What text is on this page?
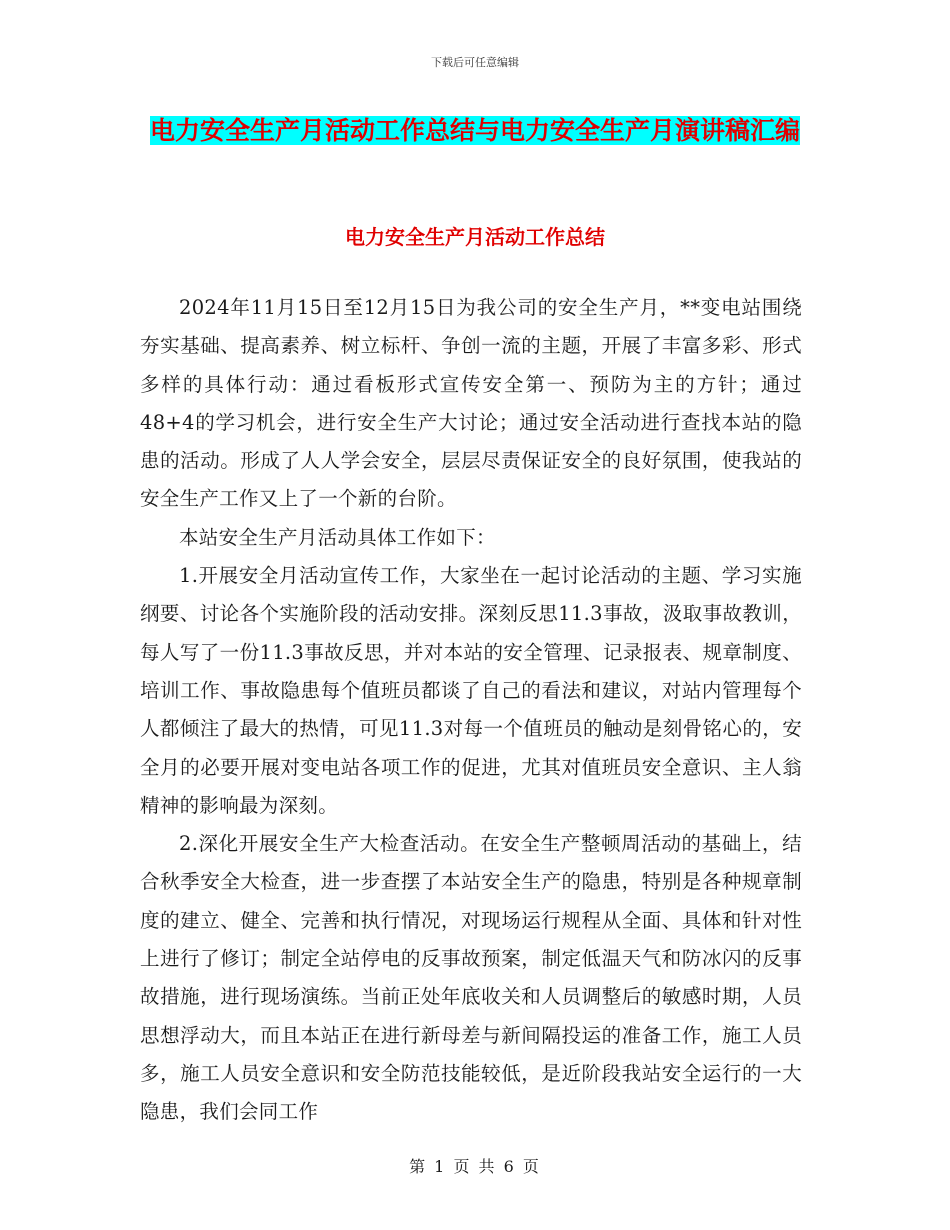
下载后可任意编辑
电力安全生产月活动工作总结与电力安全生产月演讲稿汇编
电力安全生产月活动工作总结

2024年11月15日至12月15日为我公司的安全生产月，**变电站围绕夯实基础、提高素养、树立标杆、争创一流的主题，开展了丰富多彩、形式多样的具体行动：通过看板形式宣传安全第一、预防为主的方针；通过48+4的学习机会，进行安全生产大讨论；通过安全活动进行查找本站的隐患的活动。形成了人人学会安全，层层尽责保证安全的良好氛围，使我站的安全生产工作又上了一个新的台阶。

本站安全生产月活动具体工作如下：

1.开展安全月活动宣传工作，大家坐在一起讨论活动的主题、学习实施纲要、讨论各个实施阶段的活动安排。深刻反思11.3事故，汲取事故教训，每人写了一份11.3事故反思，并对本站的安全管理、记录报表、规章制度、培训工作、事故隐患每个值班员都谈了自己的看法和建议，对站内管理每个人都倾注了最大的热情，可见11.3对每一个值班员的触动是刻骨铭心的，安全月的必要开展对变电站各项工作的促进，尤其对值班员安全意识、主人翁精神的影响最为深刻。

2.深化开展安全生产大检查活动。在安全生产整顿周活动的基础上，结合秋季安全大检查，进一步查摆了本站安全生产的隐患，特别是各种规章制度的建立、健全、完善和执行情况，对现场运行规程从全面、具体和针对性上进行了修订；制定全站停电的反事故预案，制定低温天气和防冰闪的反事故措施，进行现场演练。当前正处年底收关和人员调整后的敏感时期，人员思想浮动大，而且本站正在进行新母差与新间隔投运的准备工作，施工人员多，施工人员安全意识和安全防范技能较低，是近阶段我站安全运行的一大隐患，我们会同工作

第 1 页 共 6 页
